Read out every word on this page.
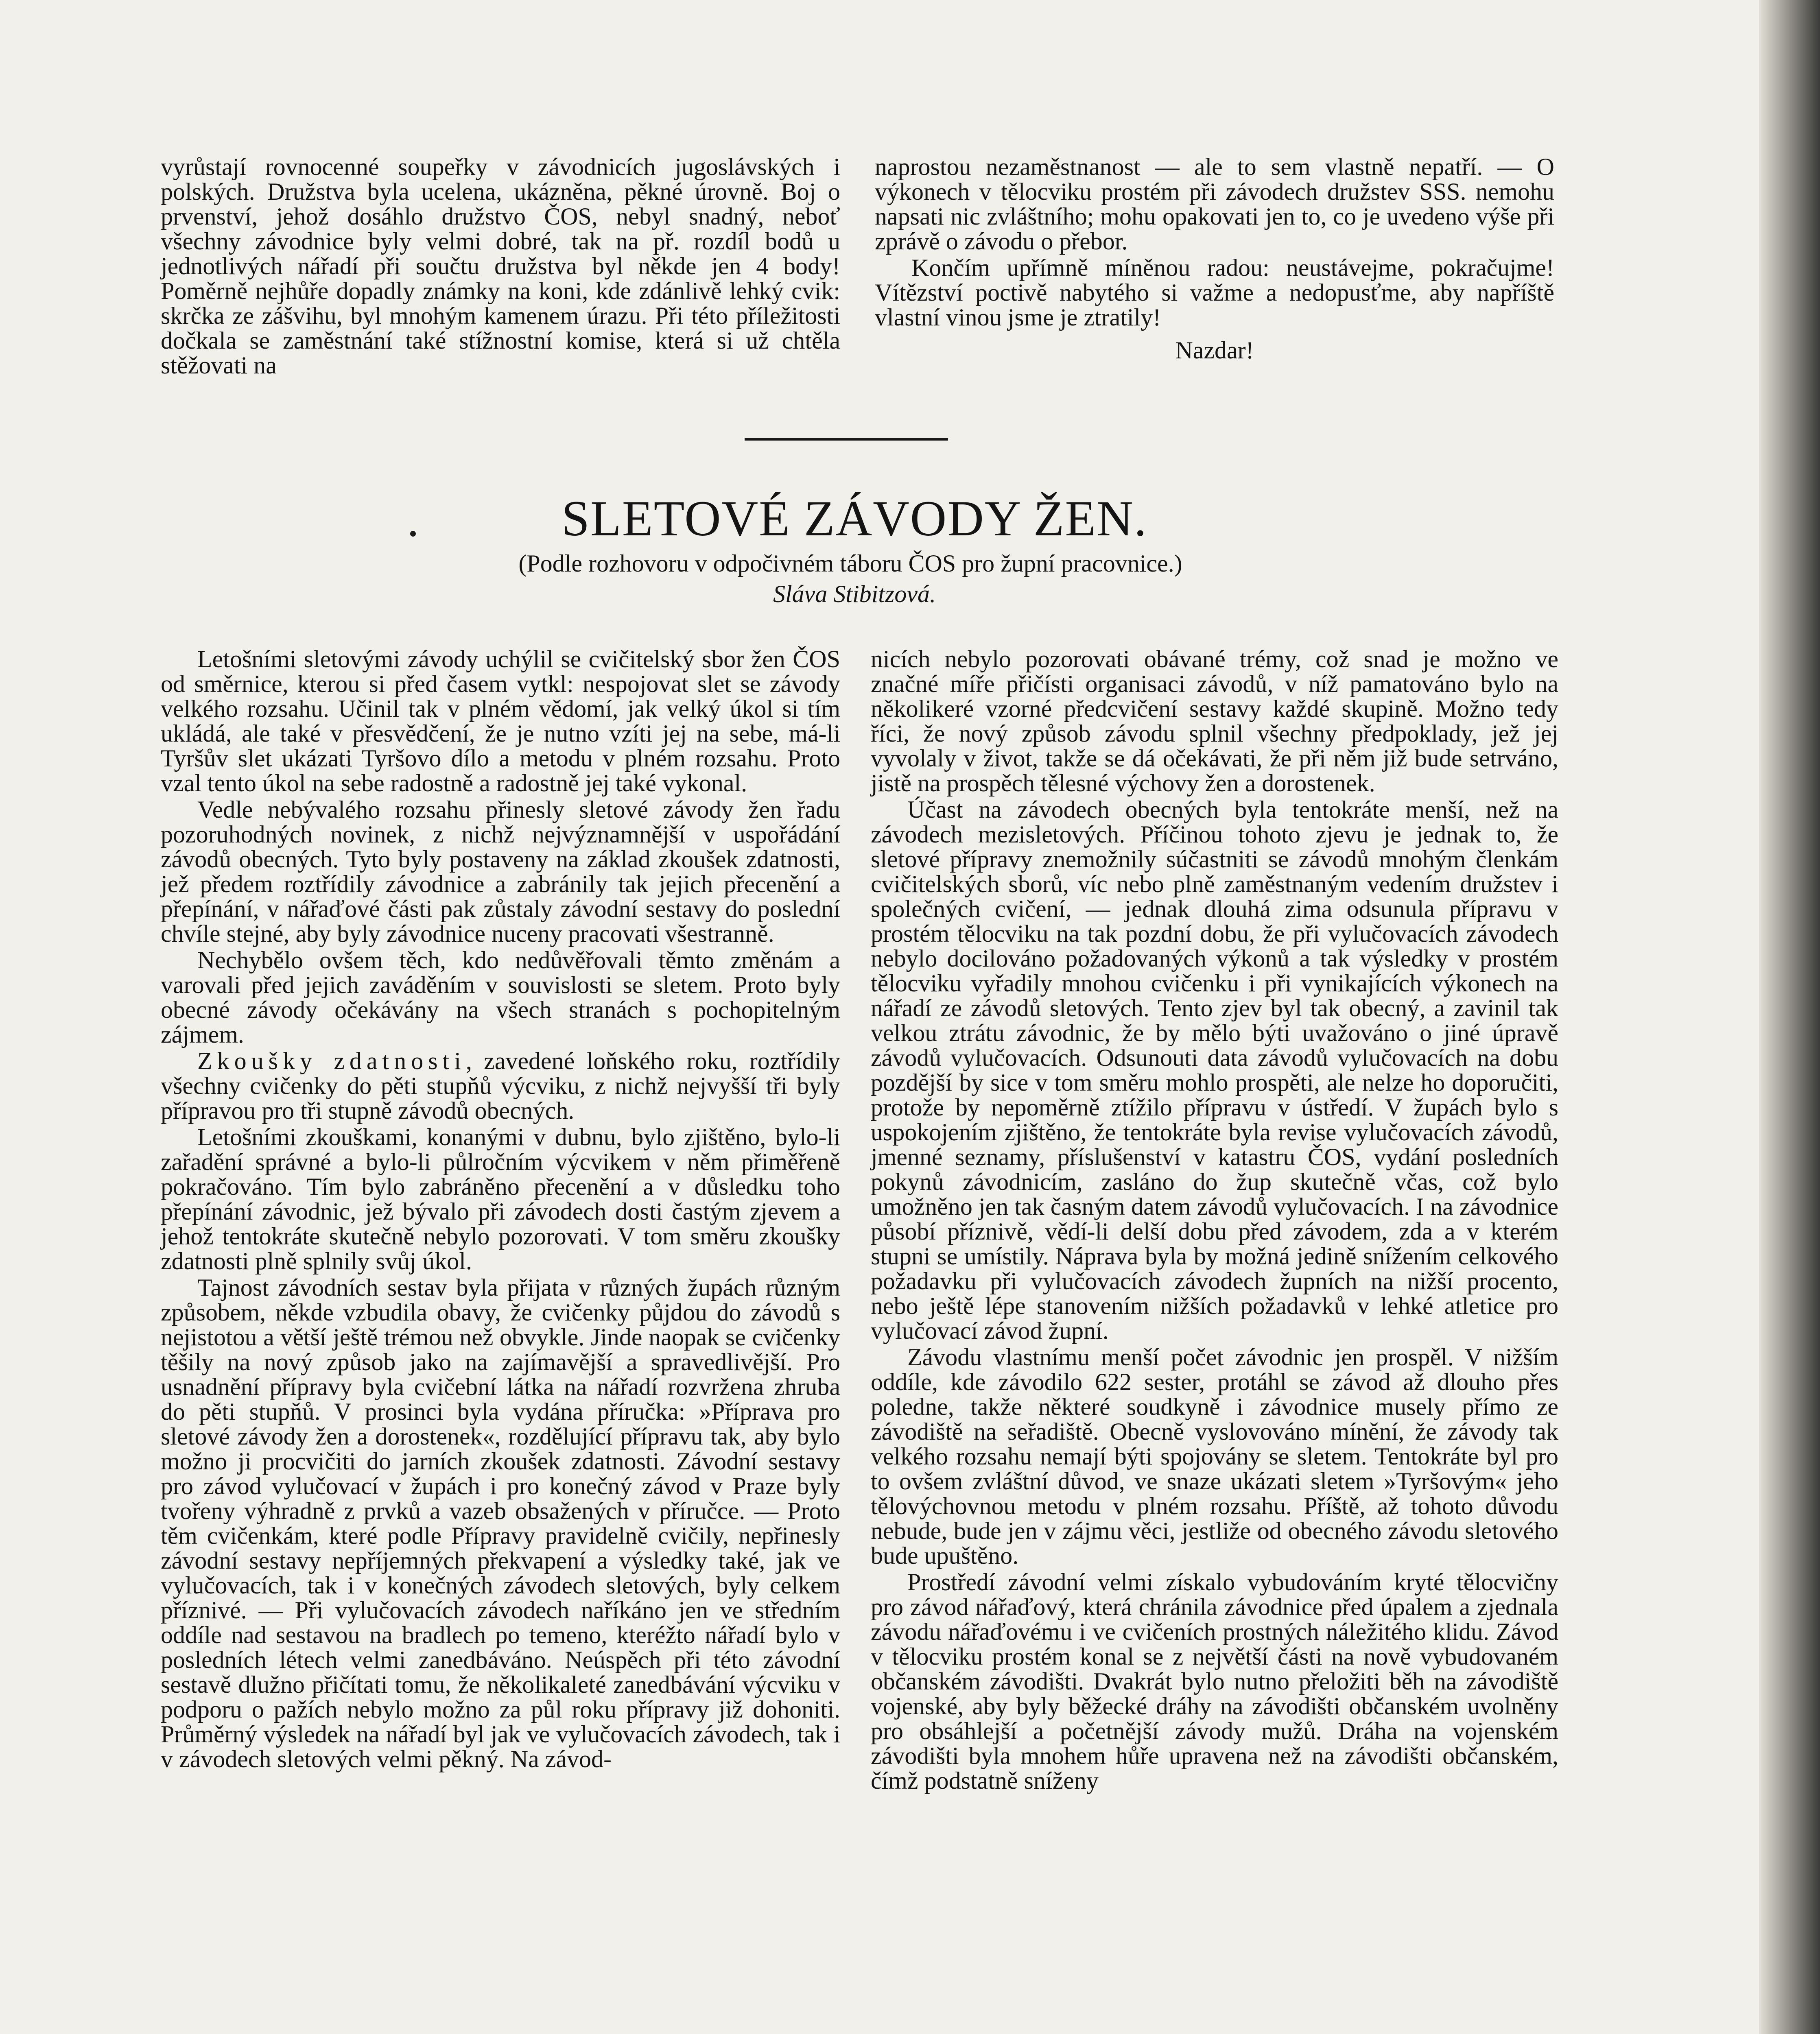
vyrůstají rovnocenné soupeřky v závodnicích jugoslávských i polských. Družstva byla ucelena, ukázněna, pěkné úrovně. Boj o prvenství, jehož dosáhlo družstvo ČOS, nebyl snadný, neboť všechny závodnice byly velmi dobré, tak na př. rozdíl bodů u jednotlivých nářadí při součtu družstva byl někde jen 4 body! Poměrně nejhůře dopadly známky na koni, kde zdánlivě lehký cvik: skrčka ze zášvihu, byl mnohým kamenem úrazu. Při této příležitosti dočkala se zaměstnání také stížnostní komise, která si už chtěla stěžovati na

naprostou nezaměstnanost — ale to sem vlastně nepatří. — O výkonech v tělocviku prostém při závodech družstev SSS. nemohu napsati nic zvláštního; mohu opakovati jen to, co je uvedeno výše při zprávě o závodu o přebor.

Končím upřímně míněnou radou: neustávejme, pokračujme! Vítězství poctivě nabytého si važme a nedopusťme, aby napříště vlastní vinou jsme je ztratily!

Nazdar!

SLETOVÉ ZÁVODY ŽEN.
(Podle rozhovoru v odpočivném táboru ČOS pro župní pracovnice.)
Sláva Stibitzová.

Letošními sletovými závody uchýlil se cvičitelský sbor žen ČOS od směrnice, kterou si před časem vytkl: nespojovat slet se závody velkého rozsahu. Učinil tak v plném vědomí, jak velký úkol si tím ukládá, ale také v přesvědčení, že je nutno vzíti jej na sebe, má-li Tyršův slet ukázati Tyršovo dílo a metodu v plném rozsahu. Proto vzal tento úkol na sebe radostně a radostně jej také vykonal.

Vedle nebývalého rozsahu přinesly sletové závody žen řadu pozoruhodných novinek, z nichž nejvýznamnější v uspořádání závodů obecných. Tyto byly postaveny na základ zkoušek zdatnosti, jež předem roztřídily závodnice a zabránily tak jejich přecenění a přepínání, v nářaďové části pak zůstaly závodní sestavy do poslední chvíle stejné, aby byly závodnice nuceny pracovati všestranně.

Nechybělo ovšem těch, kdo nedůvěřovali těmto změnám a varovali před jejich zaváděním v souvislosti se sletem. Proto byly obecné závody očekávány na všech stranách s pochopitelným zájmem.

Zkoušky zdatnosti, zavedené loňského roku, roztřídily všechny cvičenky do pěti stupňů výcviku, z nichž nejvyšší tři byly přípravou pro tři stupně závodů obecných.

Letošními zkouškami, konanými v dubnu, bylo zjištěno, bylo-li zařadění správné a bylo-li půlročním výcvikem v něm přiměřeně pokračováno. Tím bylo zabráněno přecenění a v důsledku toho přepínání závodnic, jež bývalo při závodech dosti častým zjevem a jehož tentokráte skutečně nebylo pozorovati. V tom směru zkoušky zdatnosti plně splnily svůj úkol.

Tajnost závodních sestav byla přijata v různých župách různým způsobem, někde vzbudila obavy, že cvičenky půjdou do závodů s nejistotou a větší ještě trémou než obvykle. Jinde naopak se cvičenky těšily na nový způsob jako na zajímavější a spravedlivější. Pro usnadnění přípravy byla cvičební látka na nářadí rozvržena zhruba do pěti stupňů. V prosinci byla vydána příručka: »Příprava pro sletové závody žen a dorostenek«, rozdělující přípravu tak, aby bylo možno ji procvičiti do jarních zkoušek zdatnosti. Závodní sestavy pro závod vylučovací v župách i pro konečný závod v Praze byly tvořeny výhradně z prvků a vazeb obsažených v příručce. — Proto těm cvičenkám, které podle Přípravy pravidelně cvičily, nepřinesly závodní sestavy nepříjemných překvapení a výsledky také, jak ve vylučovacích, tak i v konečných závodech sletových, byly celkem příznivé. — Při vylučovacích závodech naříkáno jen ve středním oddíle nad sestavou na bradlech po temeno, kteréžto nářadí bylo v posledních létech velmi zanedbáváno. Neúspěch při této závodní sestavě dlužno přičítati tomu, že několikaleté zanedbávání výcviku v podporu o pažích nebylo možno za půl roku přípravy již dohoniti. Průměrný výsledek na nářadí byl jak ve vylučovacích závodech, tak i v závodech sletových velmi pěkný. Na závod-

nicích nebylo pozorovati obávané trémy, což snad je možno ve značné míře přičísti organisaci závodů, v níž pamatováno bylo na několikeré vzorné předcvičení sestavy každé skupině. Možno tedy říci, že nový způsob závodu splnil všechny předpoklady, jež jej vyvolaly v život, takže se dá očekávati, že při něm již bude setrváno, jistě na prospěch tělesné výchovy žen a dorostenek.

Účast na závodech obecných byla tentokráte menší, než na závodech mezisletových. Příčinou tohoto zjevu je jednak to, že sletové přípravy znemožnily súčastniti se závodů mnohým členkám cvičitelských sborů, víc nebo plně zaměstnaným vedením družstev i společných cvičení, — jednak dlouhá zima odsunula přípravu v prostém tělocviku na tak pozdní dobu, že při vylučovacích závodech nebylo docilováno požadovaných výkonů a tak výsledky v prostém tělocviku vyřadily mnohou cvičenku i při vynikajících výkonech na nářadí ze závodů sletových. Tento zjev byl tak obecný, a zavinil tak velkou ztrátu závodnic, že by mělo býti uvažováno o jiné úpravě závodů vylučovacích. Odsunouti data závodů vylučovacích na dobu pozdější by sice v tom směru mohlo prospěti, ale nelze ho doporučiti, protože by nepoměrně ztížilo přípravu v ústředí. V župách bylo s uspokojením zjištěno, že tentokráte byla revise vylučovacích závodů, jmenné seznamy, příslušenství v katastru ČOS, vydání posledních pokynů závodnicím, zasláno do žup skutečně včas, což bylo umožněno jen tak časným datem závodů vylučovacích. I na závodnice působí příznivě, vědí-li delší dobu před závodem, zda a v kterém stupni se umístily. Náprava byla by možná jedině snížením celkového požadavku při vylučovacích závodech župních na nižší procento, nebo ještě lépe stanovením nižších požadavků v lehké atletice pro vylučovací závod župní.

Závodu vlastnímu menší počet závodnic jen prospěl. V nižším oddíle, kde závodilo 622 sester, protáhl se závod až dlouho přes poledne, takže některé soudkyně i závodnice musely přímo ze závodiště na seřadiště. Obecně vyslovováno mínění, že závody tak velkého rozsahu nemají býti spojovány se sletem. Tentokráte byl pro to ovšem zvláštní důvod, ve snaze ukázati sletem »Tyršovým« jeho tělovýchovnou metodu v plném rozsahu. Příště, až tohoto důvodu nebude, bude jen v zájmu věci, jestliže od obecného závodu sletového bude upuštěno.

Prostředí závodní velmi získalo vybudováním kryté tělocvičny pro závod nářaďový, která chránila závodnice před úpalem a zjednala závodu nářaďovému i ve cvičeních prostných náležitého klidu. Závod v tělocviku prostém konal se z největší části na nově vybudovaném občanském závodišti. Dvakrát bylo nutno přeložiti běh na závodiště vojenské, aby byly běžecké dráhy na závodišti občanském uvolněny pro obsáhlejší a početnější závody mužů. Dráha na vojenském závodišti byla mnohem hůře upravena než na závodišti občanském, čímž podstatně sníženy
